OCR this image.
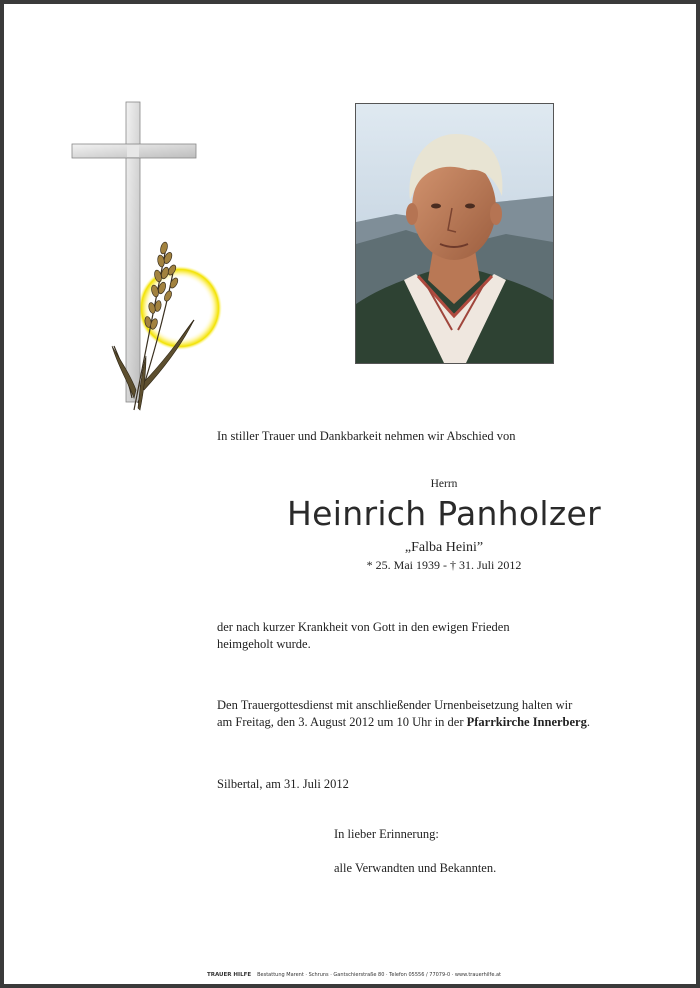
In stiller Trauer und Dankbarkeit nehmen wir Abschied von
Herrn
Heinrich Panholzer
„Falba Heini”
* 25. Mai 1939 - † 31. Juli 2012
der nach kurzer Krankheit von Gott in den ewigen Frieden
heimgeholt wurde.
Den Trauergottesdienst mit anschließender Urnenbeisetzung halten wir
am Freitag, den 3. August 2012 um 10 Uhr in der Pfarrkirche Innerberg.
Silbertal, am 31. Juli 2012
In lieber Erinnerung:
alle Verwandten und Bekannten.
TRAUER HILFE Bestattung Marent · Schruns · Gantschierstraße 80 · Telefon 05556 / 77079-0 · www.trauerhilfe.at
